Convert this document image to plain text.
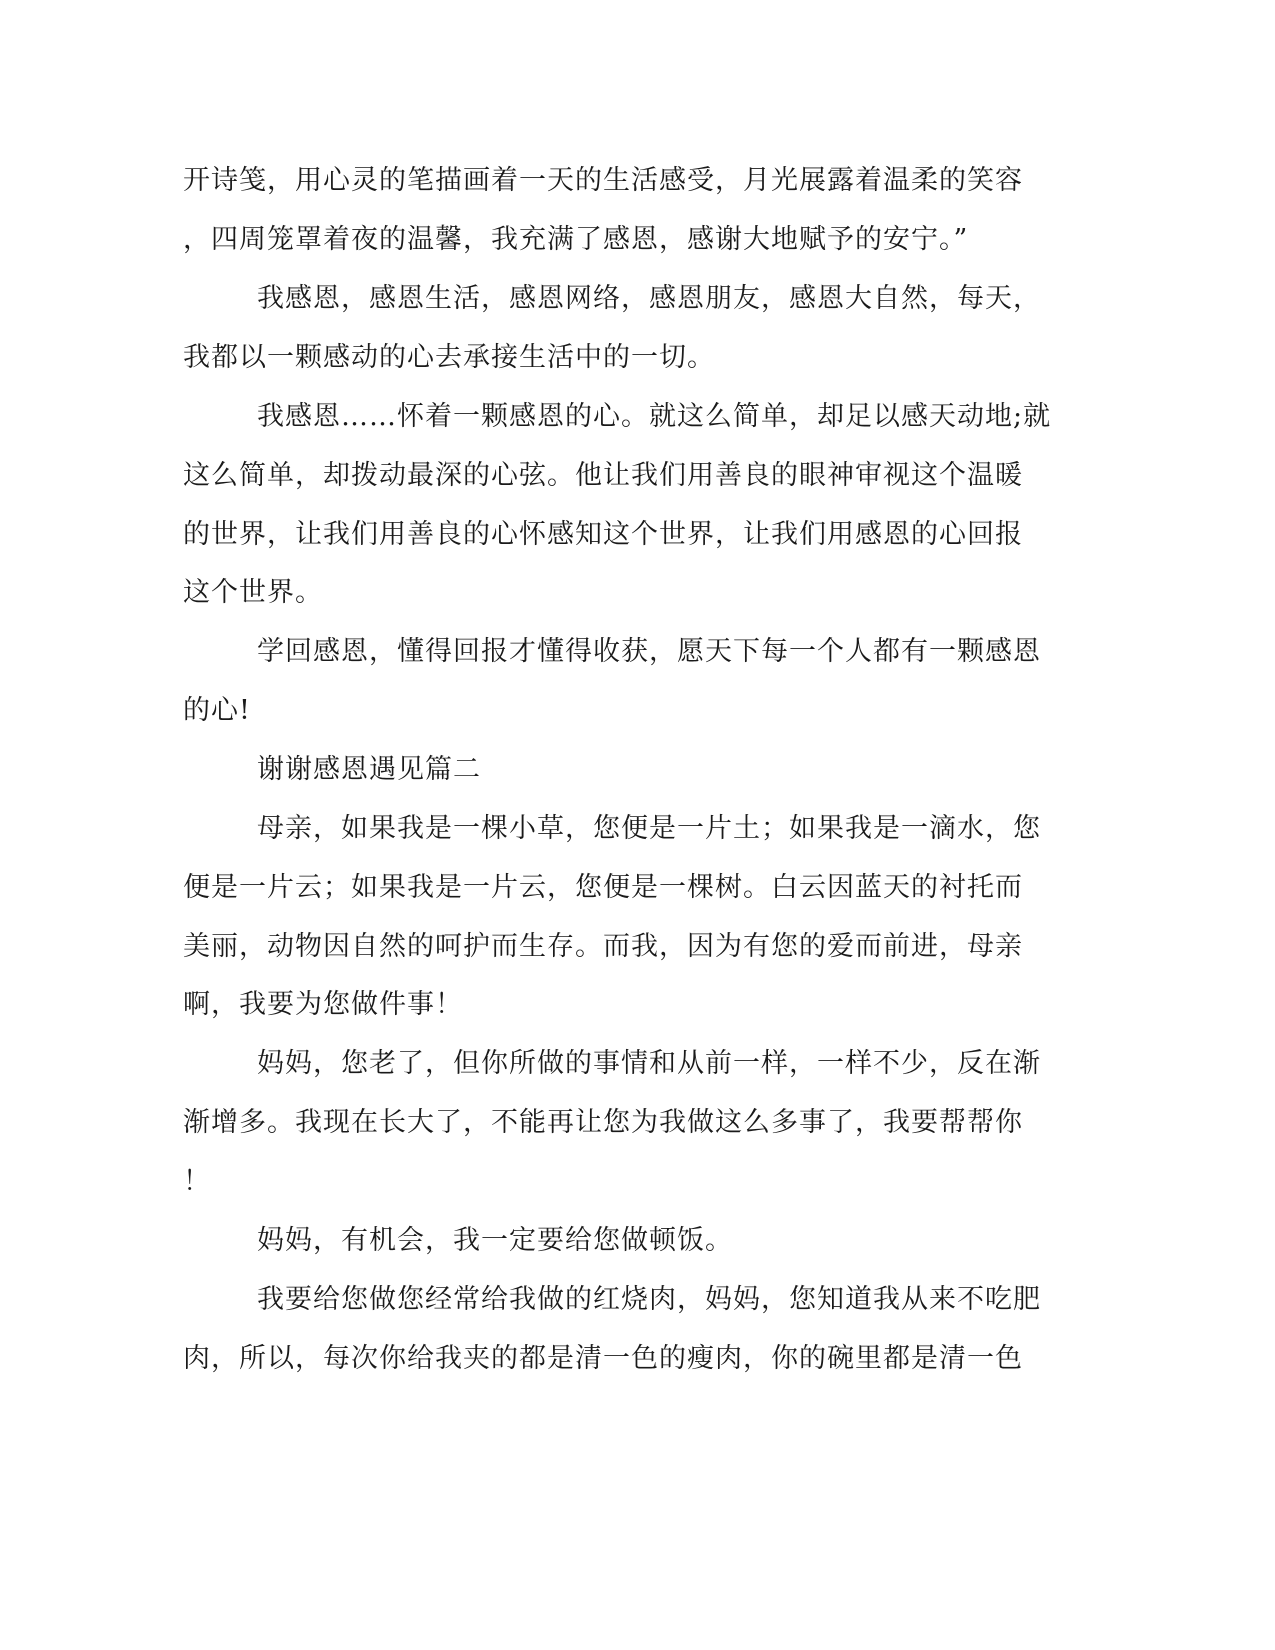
开诗笺，用心灵的笔描画着一天的生活感受，月光展露着温柔的笑容
，四周笼罩着夜的温馨，我充满了感恩，感谢大地赋予的安宁。”
我感恩，感恩生活，感恩网络，感恩朋友，感恩大自然，每天，
我都以一颗感动的心去承接生活中的一切。
我感恩……怀着一颗感恩的心。就这么简单，却足以感天动地;就
这么简单，却拨动最深的心弦。他让我们用善良的眼神审视这个温暖
的世界，让我们用善良的心怀感知这个世界，让我们用感恩的心回报
这个世界。
学回感恩，懂得回报才懂得收获，愿天下每一个人都有一颗感恩
的心!
谢谢感恩遇见篇二
母亲，如果我是一棵小草，您便是一片土；如果我是一滴水，您
便是一片云；如果我是一片云，您便是一棵树。白云因蓝天的衬托而
美丽，动物因自然的呵护而生存。而我，因为有您的爱而前进，母亲
啊，我要为您做件事！
妈妈，您老了，但你所做的事情和从前一样，一样不少，反在渐
渐增多。我现在长大了，不能再让您为我做这么多事了，我要帮帮你
！
妈妈，有机会，我一定要给您做顿饭。
我要给您做您经常给我做的红烧肉，妈妈，您知道我从来不吃肥
肉，所以，每次你给我夹的都是清一色的瘦肉，你的碗里都是清一色
